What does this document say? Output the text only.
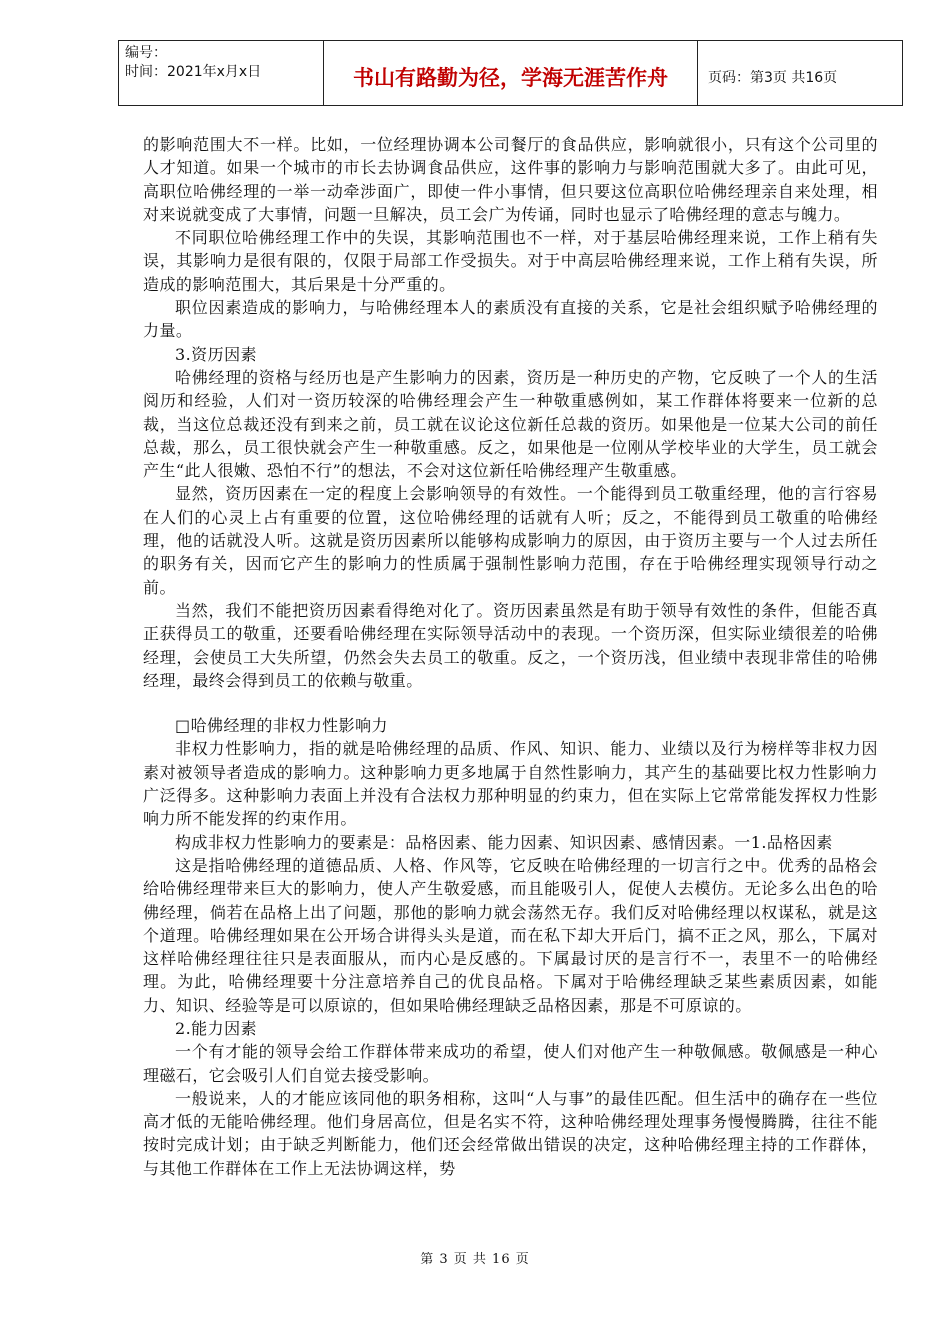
编号：
时间：2021年x月x日	书山有路勤为径，学海无涯苦作舟	页码：第3页 共16页

的影响范围大不一样。比如，一位经理协调本公司餐厅的食品供应，影响就很小，只有这个公司里的人才知道。如果一个城市的市长去协调食品供应，这件事的影响力与影响范围就大多了。由此可见，高职位哈佛经理的一举一动牵涉面广，即使一件小事情，但只要这位高职位哈佛经理亲自来处理，相对来说就变成了大事情，问题一旦解决，员工会广为传诵，同时也显示了哈佛经理的意志与魄力。

不同职位哈佛经理工作中的失误，其影响范围也不一样，对于基层哈佛经理来说，工作上稍有失误，其影响力是很有限的，仅限于局部工作受损失。对于中高层哈佛经理来说，工作上稍有失误，所造成的影响范围大，其后果是十分严重的。

职位因素造成的影响力，与哈佛经理本人的素质没有直接的关系，它是社会组织赋予哈佛经理的力量。

3.资历因素

哈佛经理的资格与经历也是产生影响力的因素，资历是一种历史的产物，它反映了一个人的生活阅历和经验，人们对一资历较深的哈佛经理会产生一种敬重感例如，某工作群体将要来一位新的总裁，当这位总裁还没有到来之前，员工就在议论这位新任总裁的资历。如果他是一位某大公司的前任总裁，那么，员工很快就会产生一种敬重感。反之，如果他是一位刚从学校毕业的大学生，员工就会产生“此人很嫩、恐怕不行”的想法，不会对这位新任哈佛经理产生敬重感。

显然，资历因素在一定的程度上会影响领导的有效性。一个能得到员工敬重经理，他的言行容易在人们的心灵上占有重要的位置，这位哈佛经理的话就有人听；反之，不能得到员工敬重的哈佛经理，他的话就没人听。这就是资历因素所以能够构成影响力的原因，由于资历主要与一个人过去所任的职务有关，因而它产生的影响力的性质属于强制性影响力范围，存在于哈佛经理实现领导行动之前。

当然，我们不能把资历因素看得绝对化了。资历因素虽然是有助于领导有效性的条件，但能否真正获得员工的敬重，还要看哈佛经理在实际领导活动中的表现。一个资历深，但实际业绩很差的哈佛经理，会使员工大失所望，仍然会失去员工的敬重。反之，一个资历浅，但业绩中表现非常佳的哈佛经理，最终会得到员工的依赖与敬重。

□哈佛经理的非权力性影响力

非权力性影响力，指的就是哈佛经理的品质、作风、知识、能力、业绩以及行为榜样等非权力因素对被领导者造成的影响力。这种影响力更多地属于自然性影响力，其产生的基础要比权力性影响力广泛得多。这种影响力表面上并没有合法权力那种明显的约束力，但在实际上它常常能发挥权力性影响力所不能发挥的约束作用。

构成非权力性影响力的要素是：品格因素、能力因素、知识因素、感情因素。一1.品格因素

这是指哈佛经理的道德品质、人格、作风等，它反映在哈佛经理的一切言行之中。优秀的品格会给哈佛经理带来巨大的影响力，使人产生敬爱感，而且能吸引人，促使人去模仿。无论多么出色的哈佛经理，倘若在品格上出了问题，那他的影响力就会荡然无存。我们反对哈佛经理以权谋私，就是这个道理。哈佛经理如果在公开场合讲得头头是道，而在私下却大开后门，搞不正之风，那么，下属对这样哈佛经理往往只是表面服从，而内心是反感的。下属最讨厌的是言行不一，表里不一的哈佛经理。为此，哈佛经理要十分注意培养自己的优良品格。下属对于哈佛经理缺乏某些素质因素，如能力、知识、经验等是可以原谅的，但如果哈佛经理缺乏品格因素，那是不可原谅的。

2.能力因素

一个有才能的领导会给工作群体带来成功的希望，使人们对他产生一种敬佩感。敬佩感是一种心理磁石，它会吸引人们自觉去接受影响。

一般说来，人的才能应该同他的职务相称，这叫“人与事”的最佳匹配。但生活中的确存在一些位高才低的无能哈佛经理。他们身居高位，但是名实不符，这种哈佛经理处理事务慢慢腾腾，往往不能按时完成计划；由于缺乏判断能力，他们还会经常做出错误的决定，这种哈佛经理主持的工作群体，与其他工作群体在工作上无法协调这样，势

第 3 页 共 16 页
